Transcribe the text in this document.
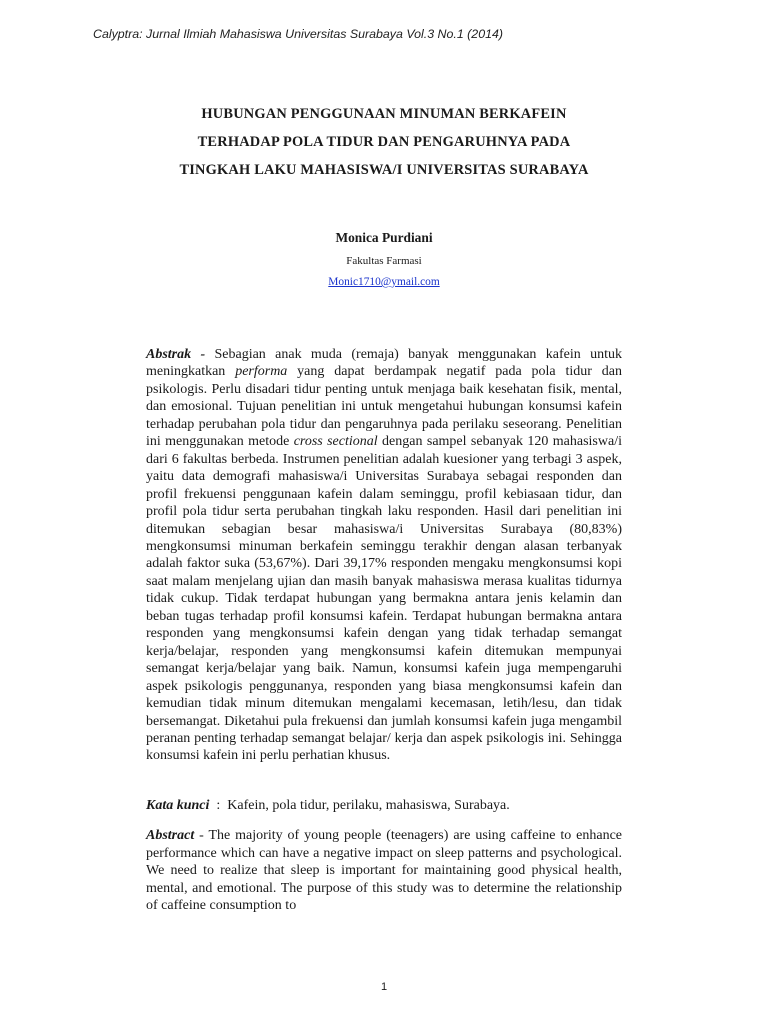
Calyptra: Jurnal Ilmiah Mahasiswa Universitas Surabaya Vol.3 No.1 (2014)
HUBUNGAN PENGGUNAAN MINUMAN BERKAFEIN
TERHADAP POLA TIDUR DAN PENGARUHNYA PADA
TINGKAH LAKU MAHASISWA/I UNIVERSITAS SURABAYA
Monica Purdiani
Fakultas Farmasi
Monic1710@ymail.com

Abstrak - Sebagian anak muda (remaja) banyak menggunakan kafein untuk meningkatkan performa yang dapat berdampak negatif pada pola tidur dan psikologis. Perlu disadari tidur penting untuk menjaga baik kesehatan fisik, mental, dan emosional. Tujuan penelitian ini untuk mengetahui hubungan konsumsi kafein terhadap perubahan pola tidur dan pengaruhnya pada perilaku seseorang. Penelitian ini menggunakan metode cross sectional dengan sampel sebanyak 120 mahasiswa/i dari 6 fakultas berbeda. Instrumen penelitian adalah kuesioner yang terbagi 3 aspek, yaitu data demografi mahasiswa/i Universitas Surabaya sebagai responden dan profil frekuensi penggunaan kafein dalam seminggu, profil kebiasaan tidur, dan profil pola tidur serta perubahan tingkah laku responden. Hasil dari penelitian ini ditemukan sebagian besar mahasiswa/i Universitas Surabaya (80,83%) mengkonsumsi minuman berkafein seminggu terakhir dengan alasan terbanyak adalah faktor suka (53,67%). Dari 39,17% responden mengaku mengkonsumsi kopi saat malam menjelang ujian dan masih banyak mahasiswa merasa kualitas tidurnya tidak cukup. Tidak terdapat hubungan yang bermakna antara jenis kelamin dan beban tugas terhadap profil konsumsi kafein. Terdapat hubungan bermakna antara responden yang mengkonsumsi kafein dengan yang tidak terhadap semangat kerja/belajar, responden yang mengkonsumsi kafein ditemukan mempunyai semangat kerja/belajar yang baik. Namun, konsumsi kafein juga mempengaruhi aspek psikologis penggunanya, responden yang biasa mengkonsumsi kafein dan kemudian tidak minum ditemukan mengalami kecemasan, letih/lesu, dan tidak bersemangat. Diketahui pula frekuensi dan jumlah konsumsi kafein juga mengambil peranan penting terhadap semangat belajar/ kerja dan aspek psikologis ini. Sehingga konsumsi kafein ini perlu perhatian khusus.

Kata kunci  :  Kafein, pola tidur, perilaku, mahasiswa, Surabaya.

Abstract - The majority of young people (teenagers) are using caffeine to enhance performance which can have a negative impact on sleep patterns and psychological. We need to realize that sleep is important for maintaining good physical health, mental, and emotional. The purpose of this study was to determine the relationship of caffeine consumption to

1
